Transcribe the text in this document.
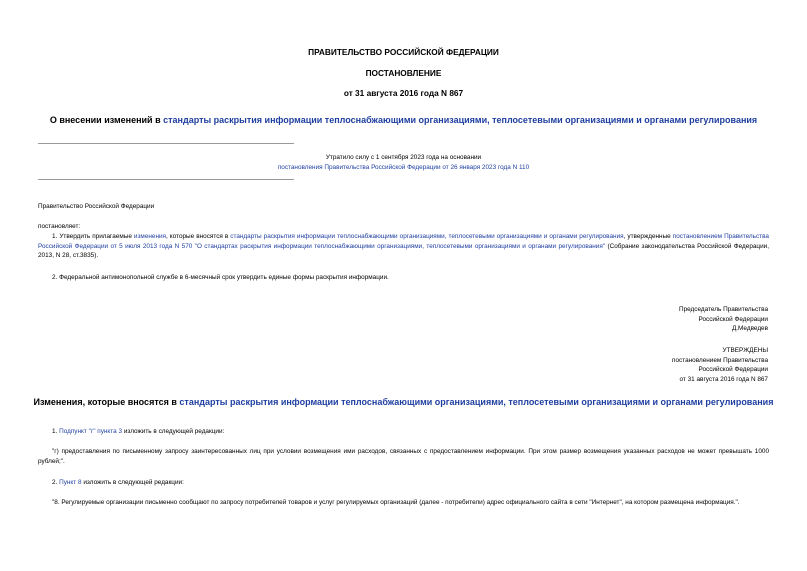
ПРАВИТЕЛЬСТВО РОССИЙСКОЙ ФЕДЕРАЦИИ
ПОСТАНОВЛЕНИЕ
от 31 августа 2016 года N 867
О внесении изменений в стандарты раскрытия информации теплоснабжающими организациями, теплосетевыми организациями и органами регулирования
Утратило силу с 1 сентября 2023 года на основании
постановления Правительства Российской Федерации от 26 января 2023 года N 110
Правительство Российской Федерации
постановляет:

1. Утвердить прилагаемые изменения, которые вносятся в стандарты раскрытия информации теплоснабжающими организациями, теплосетевыми организациями и органами регулирования, утвержденные постановлением Правительства Российской Федерации от 5 июля 2013 года N 570 "О стандартах раскрытия информации теплоснабжающими организациями, теплосетевыми организациями и органами регулирования" (Собрание законодательства Российской Федерации, 2013, N 28, ст.3835).

2. Федеральной антимонопольной службе в 6-месячный срок утвердить единые формы раскрытия информации.

Председатель Правительства
Российской Федерации
Д.Медведев
УТВЕРЖДЕНЫ
постановлением Правительства
Российской Федерации
от 31 августа 2016 года N 867
Изменения, которые вносятся в стандарты раскрытия информации теплоснабжающими организациями, теплосетевыми организациями и органами регулирования

1. Подпункт "г" пункта 3 изложить в следующей редакции:

"г) предоставления по письменному запросу заинтересованных лиц при условии возмещения ими расходов, связанных с предоставлением информации. При этом размер возмещения указанных расходов не может превышать 1000 рублей;".

2. Пункт 8 изложить в следующей редакции:

"8. Регулируемые организации письменно сообщают по запросу потребителей товаров и услуг регулируемых организаций (далее - потребители) адрес официального сайта в сети "Интернет", на котором размещена информация.".
